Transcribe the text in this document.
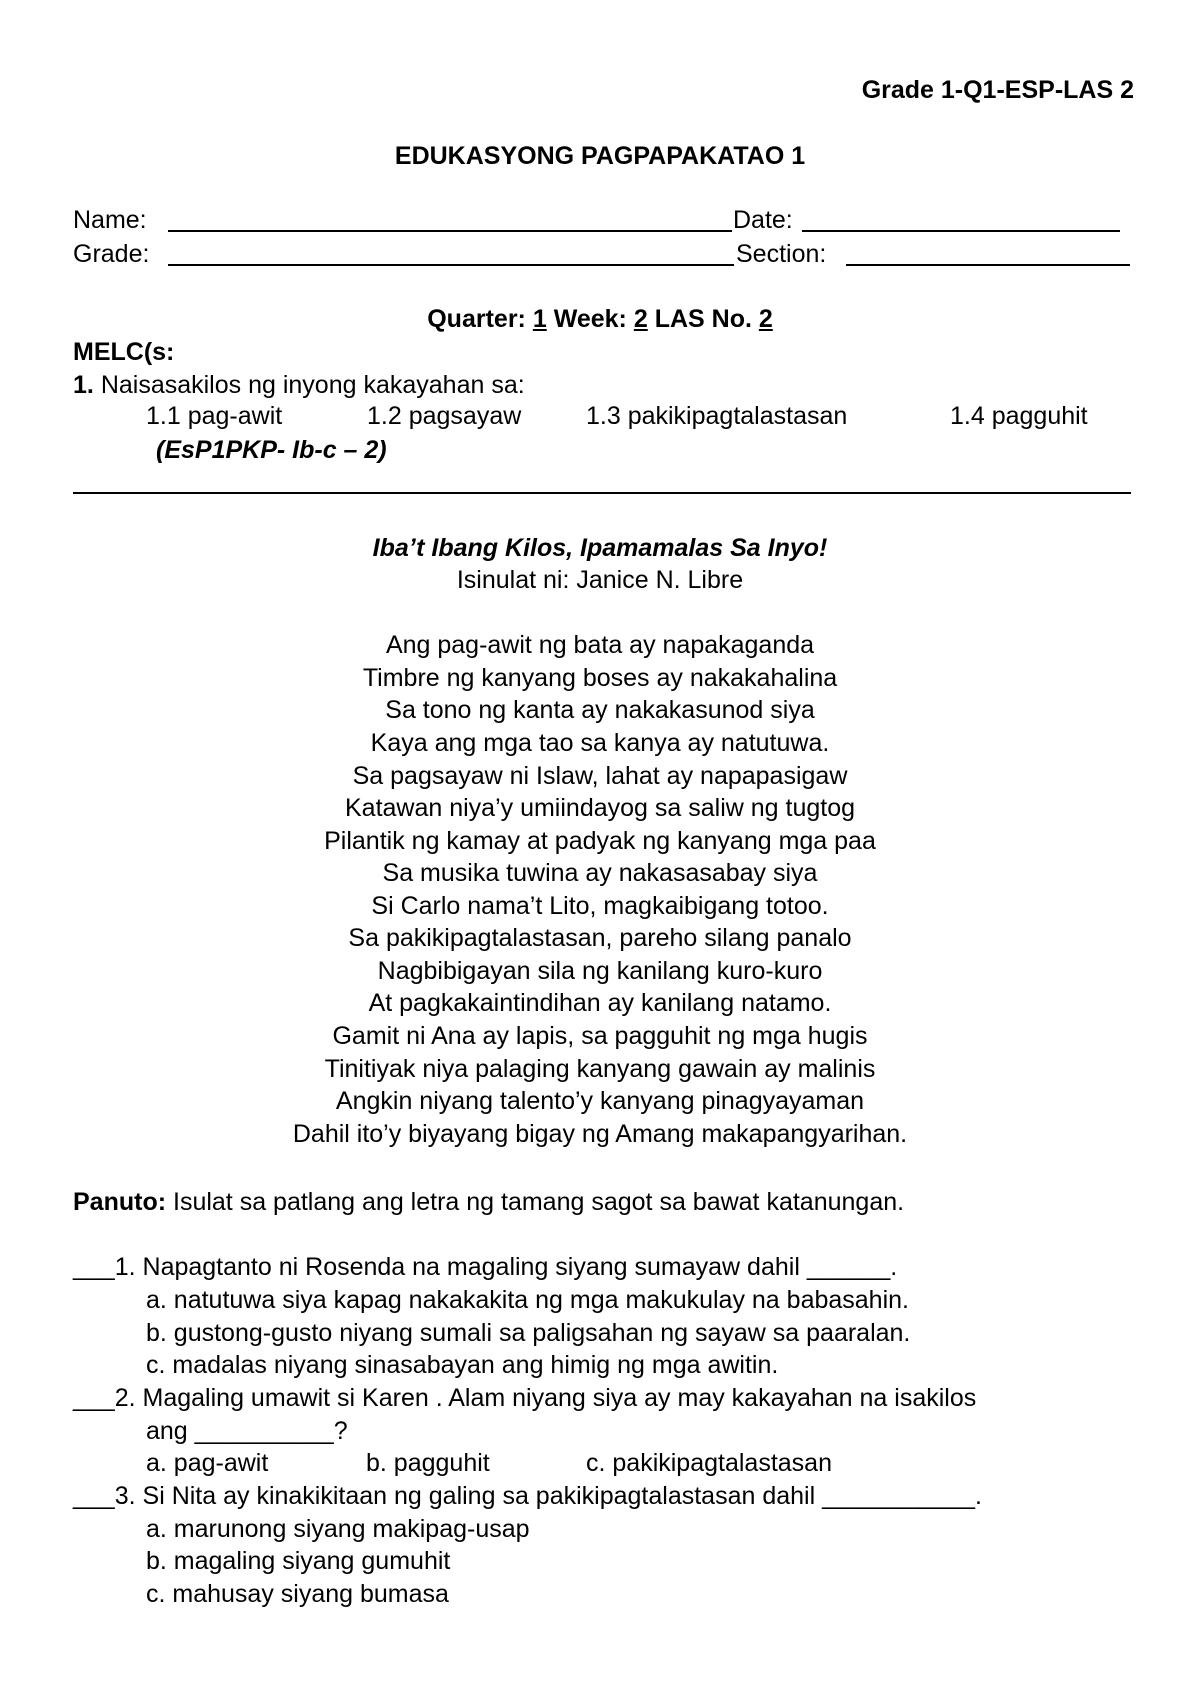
Grade 1-Q1-ESP-LAS 2
EDUKASYONG PAGPAPAKATAO 1
Name:	Date:
Grade:	Section:
Quarter: 1 Week: 2 LAS No. 2
MELC(s:
1. Naisasakilos ng inyong kakayahan sa:
1.1 pag-awit	1.2 pagsayaw	1.3 pakikipagtalastasan	1.4 pagguhit
(EsP1PKP- Ib-c – 2)
Iba’t Ibang Kilos, Ipamamalas Sa Inyo!
Isinulat ni: Janice N. Libre
Ang pag-awit ng bata ay napakaganda
Timbre ng kanyang boses ay nakakahalina
Sa tono ng kanta ay nakakasunod siya
Kaya ang mga tao sa kanya ay natutuwa.
Sa pagsayaw ni Islaw, lahat ay napapasigaw
Katawan niya’y umiindayog sa saliw ng tugtog
Pilantik ng kamay at padyak ng kanyang mga paa
Sa musika tuwina ay nakasasabay siya
Si Carlo nama’t Lito, magkaibigang totoo.
Sa pakikipagtalastasan, pareho silang panalo
Nagbibigayan sila ng kanilang kuro-kuro
At pagkakaintindihan ay kanilang natamo.
Gamit ni Ana ay lapis, sa pagguhit ng mga hugis
Tinitiyak niya palaging kanyang gawain ay malinis
Angkin niyang talento’y kanyang pinagyayaman
Dahil ito’y biyayang bigay ng Amang makapangyarihan.
Panuto: Isulat sa patlang ang letra ng tamang sagot sa bawat katanungan.
___1. Napagtanto ni Rosenda na magaling siyang sumayaw dahil ______.
a. natutuwa siya kapag nakakakita ng mga makukulay na babasahin.
b. gustong-gusto niyang sumali sa paligsahan ng sayaw sa paaralan.
c. madalas niyang sinasabayan ang himig ng mga awitin.
___2. Magaling umawit si Karen . Alam niyang siya ay may kakayahan na isakilos
ang __________?
a. pag-awit	b. pagguhit	c. pakikipagtalastasan
___3. Si Nita ay kinakikitaan ng galing sa pakikipagtalastasan dahil ___________.
a. marunong siyang makipag-usap
b. magaling siyang gumuhit
c. mahusay siyang bumasa
